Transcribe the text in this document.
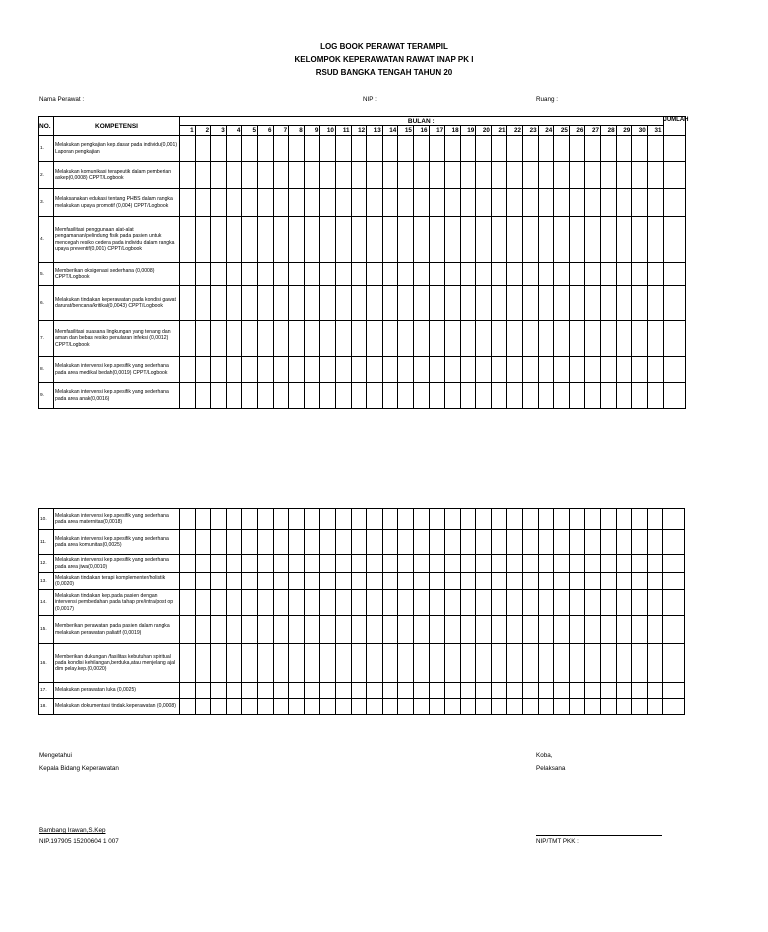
LOG BOOK PERAWAT TERAMPIL
KELOMPOK KEPERAWATAN RAWAT INAP PK I
RSUD BANGKA TENGAH TAHUN 20
Nama Perawat :	NIP :	Ruang :
NO.	KOMPETENSI	BULAN :																															JUMLAH
		1	2	3	4	5	6	7	8	9	10	11	12	13	14	15	16	17	18	19	20	21	22	23	24	25	26	27	28	29	30	31	
1.	Melakukan pengkajian kep.dasar pada individu(0,001) Laporan pengkajian																																

2.	Melakukan komunikasi terapeutik dalam pemberian askep(0,0008) CPPT/Logbook																																

3.	Melaksanakan edukasi tentang PHBS dalam rangka melakukan upaya promotif (0,004) CPPT/Logbook																																

4.	Memfasilitasi penggunaan alat-alat pengamanan/pelindung fisik pada pasien untuk mencegah resiko cedera pada individu dalam rangka upaya preventif(0,001) CPPT/Logbook																																

5.	Memberikan oksigenasi sederhana (0,0008) CPPT/Logbook																																

6.	Melakukan tindakan keperawatan pada kondisi gawat darurat/bencana/kritikal(0,0043) CPPT/Logbook																																

7.	Memfasilitasi suasana lingkungan yang tenang dan aman dan bebas resiko penularan infeksi (0,0012) CPPT/Logbook																																

8.	Melakukan intervensi kep.spesifik yang sederhana pada area medikal bedah(0,0019) CPPT/Logbook																																

9.	Melakukan intervensi kep.spesifik yang sederhana pada area anak(0,0016)																																

10.	Melakukan intervensi kep.spesifik yang sederhana pada area maternitas(0,0018)																																

11.	Melakukan intervensi kep.spesifik yang sederhana pada area komunitas(0,0025)																																

12.	Melakukan intervensi kep.spesifik yang sederhana pada area jiwa(0,0010)																																

13.	Melakukan tindakan terapi komplementer/holistik (0,0020)																																

14.	Melakukan tindakan kep.pada pasien dengan intervensi pembedahan pada tahap pre/intra/post op (0,0017)																																

15.	Memberikan perawatan pada pasien dalam rangka melakukan perawatan paliatif (0,0019)																																

16.	Memberikan dukungan /fasilitas kebutuhan spiritual pada kondisi kehilangan,berduka,atau menjelang ajal dim pelay.kep.(0,0020)																																

17.	Melakukan perawatan luka (0,0025)																																

18.	Melakukan dokumentasi tindak.keperawatan (0,0008)																																

Mengetahui
Kepala Bidang Keperawatan
Bambang Irawan,S.Kep
NIP.197905 15200604 1 007
Koba,
Pelaksana
NIP/TMT PKK :
